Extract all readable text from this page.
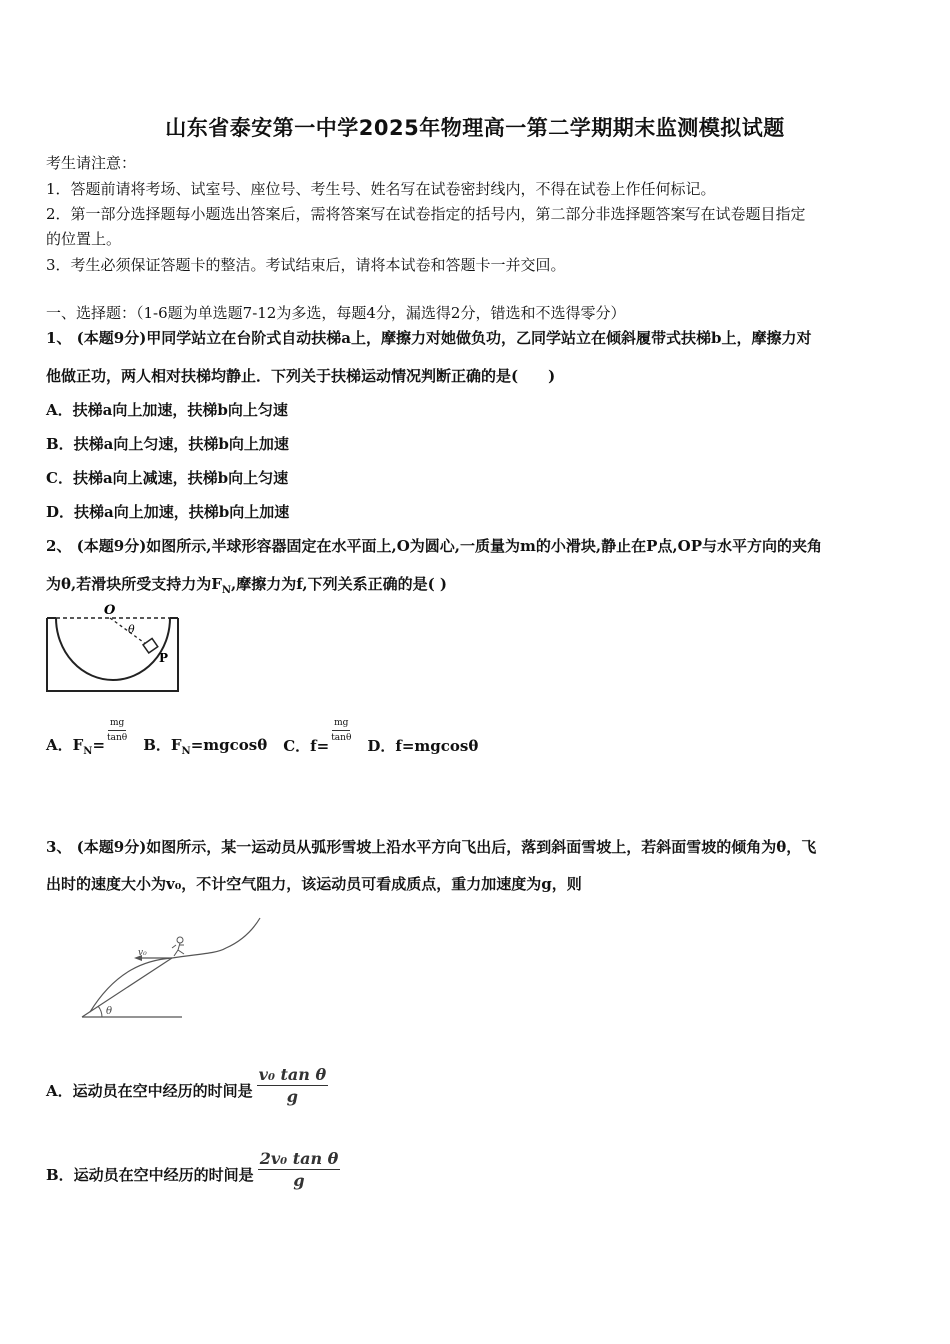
山东省泰安第一中学2025年物理高一第二学期期末监测模拟试题
考生请注意：
1．答题前请将考场、试室号、座位号、考生号、姓名写在试卷密封线内，不得在试卷上作任何标记。
2．第一部分选择题每小题选出答案后，需将答案写在试卷指定的括号内，第二部分非选择题答案写在试卷题目指定
的位置上。
3．考生必须保证答题卡的整洁。考试结束后，请将本试卷和答题卡一并交回。
一、选择题：（1-6题为单选题7-12为多选，每题4分，漏选得2分，错选和不选得零分）
1、 (本题9分)甲同学站立在台阶式自动扶梯a上，摩擦力对她做负功，乙同学站立在倾斜履带式扶梯b上，摩擦力对
他做正功，两人相对扶梯均静止．下列关于扶梯运动情况判断正确的是(　　)
A．扶梯a向上加速，扶梯b向上匀速
B．扶梯a向上匀速，扶梯b向上加速
C．扶梯a向上减速，扶梯b向上匀速
D．扶梯a向上加速，扶梯b向上加速
2、 (本题9分)如图所示,半球形容器固定在水平面上,O为圆心,一质量为m的小滑块,静止在P点,OP与水平方向的夹角
为θ,若滑块所受支持力为$F_N$,摩擦力为f,下列关系正确的是( )
O
θ
P
A．$F_N=$
$\frac{mg}{\tan\theta}$
B．$F_N=mgcos\theta$ C．f=
$\frac{mg}{\tan\theta}$
D．f=mgcosθ
3、 (本题9分)如图所示，某一运动员从弧形雪坡上沿水平方向飞出后，落到斜面雪坡上，若斜面雪坡的倾角为θ，飞
出时的速度大小为v₀，不计空气阻力，该运动员可看成质点，重力加速度为g，则
v₀
θ
A．运动员在空中经历的时间是 $\frac{\text{v₀ tan θ}}{g}$
B．运动员在空中经历的时间是 $\frac{\text{2v₀ tan θ}}{g}$
